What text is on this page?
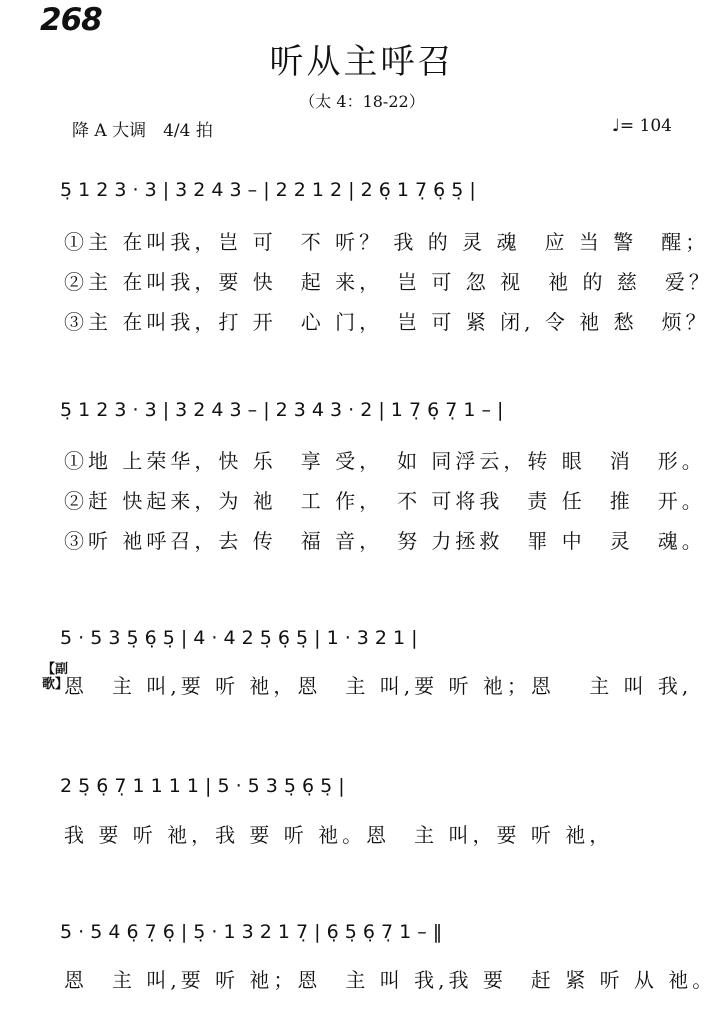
268
听从主呼召
（太 4：18-22）
降 A 大调　4/4 拍	♩= 104
5̣ 1 2 3 · 3 | 3 2 4 3 – | 2 2 1 2 | 2 6̣ 1 7̣ 6̣ 5̣ |
①主 在叫我，岂 可　不 听？ 我 的 灵 魂　应 当 警　醒；
②主 在叫我，要 快　起 来，　岂 可 忽 视　祂 的 慈　爱？
③主 在叫我，打 开　心 门，　岂 可 紧 闭, 令 祂 愁　烦？
5̣ 1 2 3 · 3 | 3 2 4 3 – | 2 3 4 3 · 2 | 1 7̣ 6̣ 7̣ 1 – |
①地 上荣华，快 乐　享 受，　如 同浮云，转 眼　消　形。
②赶 快起来，为 祂　工 作，　不 可将我　责 任　推　开。
③听 祂呼召，去 传　福 音，　努 力拯救　罪 中　灵　魂。
【副歌】
5 · 5 3 5̣ 6̣ 5̣ | 4 · 4 2 5̣ 6̣ 5̣ | 1 · 3 2 1 |
恩　主 叫,要 听 祂，恩　主 叫,要 听 祂；恩　 主 叫 我,
2 5̣ 6̣ 7̣ 1 1 1 1 | 5 · 5 3 5̣ 6̣ 5̣ |
我 要 听 祂，我 要 听 祂。恩　主 叫，要 听 祂，
5 · 5 4 6̣ 7̣ 6̣ | 5̣ · 1 3 2 1 7̣ | 6̣ 5̣ 6̣ 7̣ 1 – ‖
恩　主 叫,要 听 祂；恩　主 叫 我,我 要　赶 紧 听 从 祂。
